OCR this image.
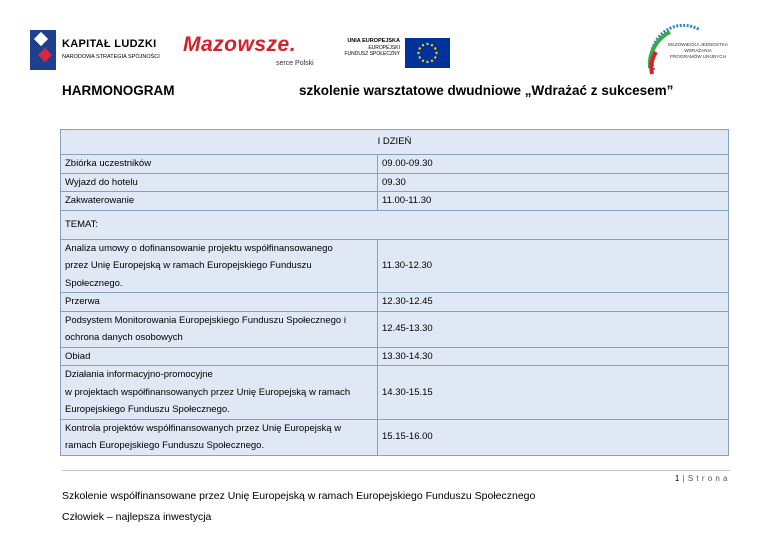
KAPITAŁ LUDZKI
NARODOWA STRATEGIA SPÓJNOŚCI
Mazowsze.
serce Polski
UNIA EUROPEJSKA
EUROPEJSKI
FUNDUSZ SPOŁECZNY
MAZOWIECKA JEDNOSTKA
WDRAŻANIA
PROGRAMÓW UNIJNYCH
HARMONOGRAM	szkolenie warsztatowe dwudniowe „Wdrażać z sukcesem”
I DZIEŃ	
Zbiórka uczestników	09.00-09.30
Wyjazd do hotelu	09.30
Zakwaterowanie	11.00-11.30
TEMAT:	

Analiza umowy o dofinansowanie projektu współfinansowanego
przez Unię Europejską w ramach Europejskiego Funduszu
Społecznego.	11.30-12.30

Przerwa	12.30-12.45

Podsystem Monitorowania Europejskiego Funduszu Społecznego i
ochrona danych osobowych	12.45-13.30

Obiad	13.30-14.30

Działania informacyjno-promocyjne
w projektach współfinansowanych przez Unię Europejską w ramach
Europejskiego Funduszu Społecznego.	14.30-15.15

Kontrola projektów współfinansowanych przez Unię Europejską w
ramach Europejskiego Funduszu Społecznego.	15.15-16.00
1 | S t r o n a
Szkolenie współfinansowane przez Unię Europejską w ramach Europejskiego Funduszu Społecznego
Człowiek – najlepsza inwestycja
